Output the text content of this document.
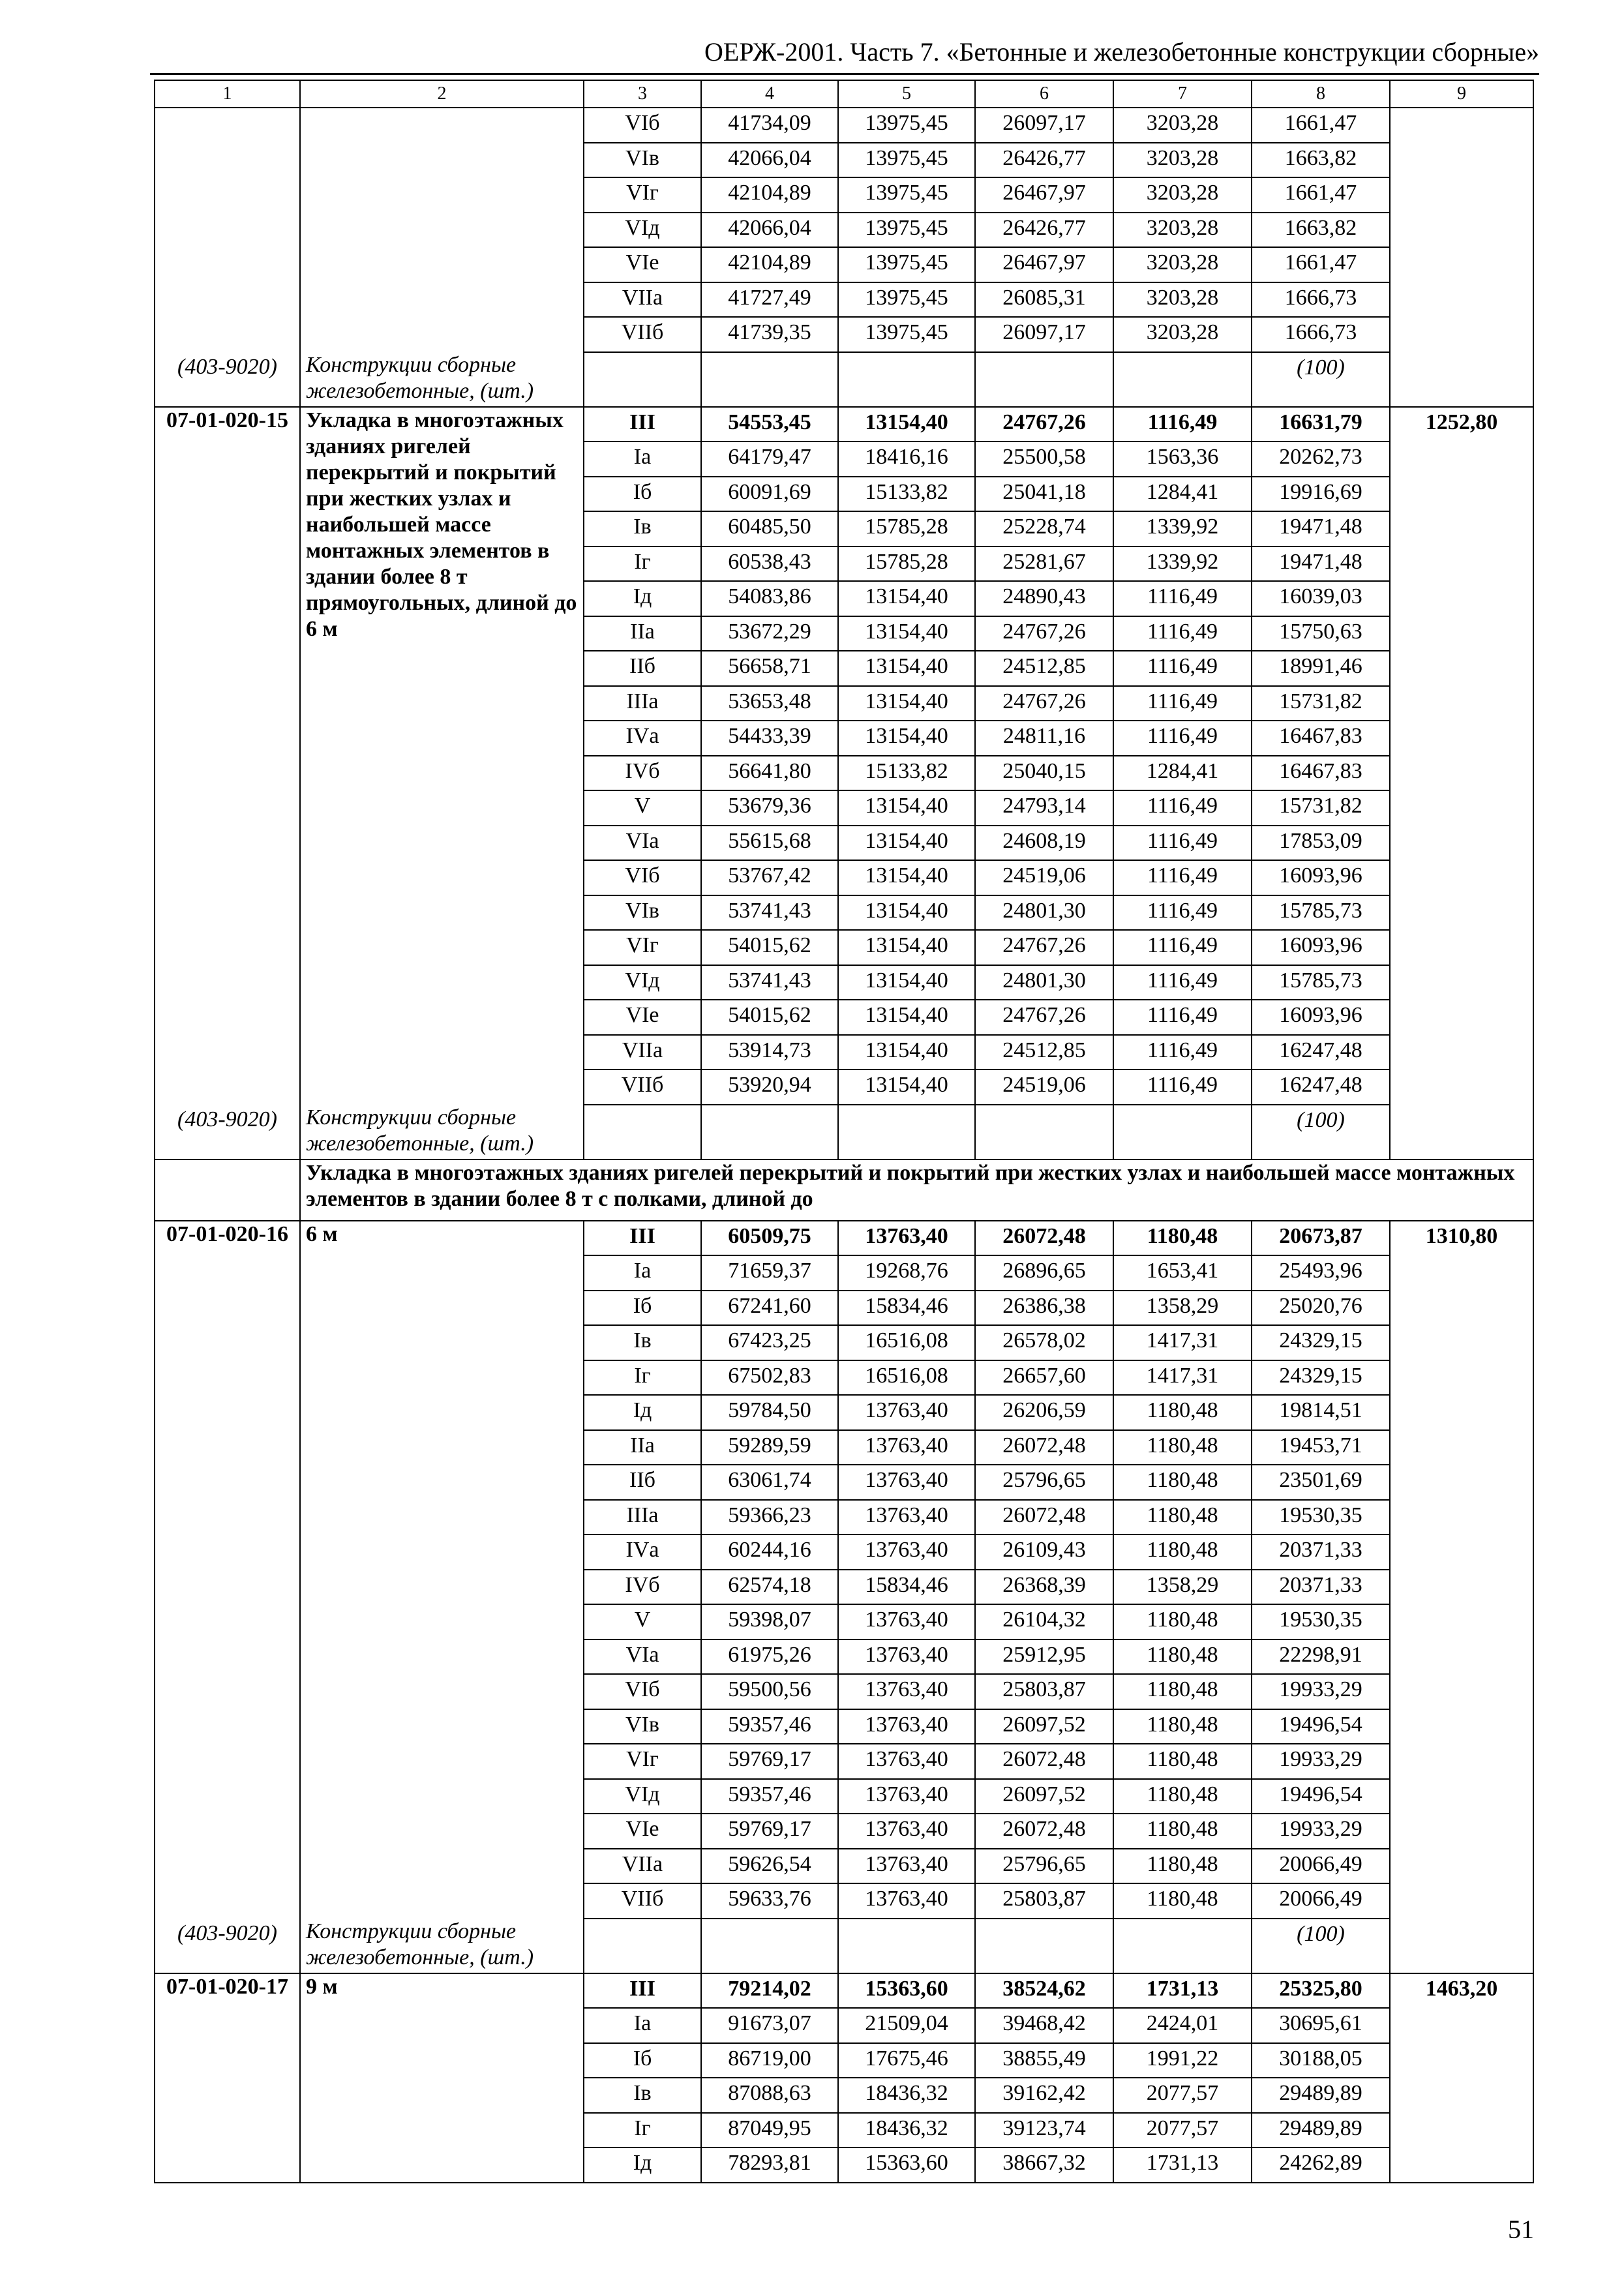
ОЕРЖ-2001. Часть 7. «Бетонные и железобетонные конструкции сборные»
1	2	3	4	5	6	7	8	9
		VIб	41734,09	13975,45	26097,17	3203,28	1661,47	
		VIв	42066,04	13975,45	26426,77	3203,28	1663,82	
		VIг	42104,89	13975,45	26467,97	3203,28	1661,47	
		VIд	42066,04	13975,45	26426,77	3203,28	1663,82	
		VIе	42104,89	13975,45	26467,97	3203,28	1661,47	
		VIIа	41727,49	13975,45	26085,31	3203,28	1666,73	
		VIIб	41739,35	13975,45	26097,17	3203,28	1666,73	
(403-9020)	Конструкции сборные железобетонные, (шт.)						(100)	
07-01-020-15	Укладка в многоэтажных зданиях ригелей перекрытий и покрытий при жестких узлах и наибольшей массе монтажных элементов в здании более 8 т прямоугольных, длиной до 6 м	III	54553,45	13154,40	24767,26	1116,49	16631,79	1252,80
		Iа	64179,47	18416,16	25500,58	1563,36	20262,73	
		Iб	60091,69	15133,82	25041,18	1284,41	19916,69	
		Iв	60485,50	15785,28	25228,74	1339,92	19471,48	
		Iг	60538,43	15785,28	25281,67	1339,92	19471,48	
		Iд	54083,86	13154,40	24890,43	1116,49	16039,03	
		IIа	53672,29	13154,40	24767,26	1116,49	15750,63	
		IIб	56658,71	13154,40	24512,85	1116,49	18991,46	
		IIIа	53653,48	13154,40	24767,26	1116,49	15731,82	
		IVа	54433,39	13154,40	24811,16	1116,49	16467,83	
		IVб	56641,80	15133,82	25040,15	1284,41	16467,83	
		V	53679,36	13154,40	24793,14	1116,49	15731,82	
		VIа	55615,68	13154,40	24608,19	1116,49	17853,09	
		VIб	53767,42	13154,40	24519,06	1116,49	16093,96	
		VIв	53741,43	13154,40	24801,30	1116,49	15785,73	
		VIг	54015,62	13154,40	24767,26	1116,49	16093,96	
		VIд	53741,43	13154,40	24801,30	1116,49	15785,73	
		VIе	54015,62	13154,40	24767,26	1116,49	16093,96	
		VIIа	53914,73	13154,40	24512,85	1116,49	16247,48	
		VIIб	53920,94	13154,40	24519,06	1116,49	16247,48	
(403-9020)	Конструкции сборные железобетонные, (шт.)						(100)	
	Укладка в многоэтажных зданиях ригелей перекрытий и покрытий при жестких узлах и наибольшей массе монтажных элементов в здании более 8 т с полками, длиной до							
07-01-020-16	6 м	III	60509,75	13763,40	26072,48	1180,48	20673,87	1310,80
		Iа	71659,37	19268,76	26896,65	1653,41	25493,96	
		Iб	67241,60	15834,46	26386,38	1358,29	25020,76	
		Iв	67423,25	16516,08	26578,02	1417,31	24329,15	
		Iг	67502,83	16516,08	26657,60	1417,31	24329,15	
		Iд	59784,50	13763,40	26206,59	1180,48	19814,51	
		IIа	59289,59	13763,40	26072,48	1180,48	19453,71	
		IIб	63061,74	13763,40	25796,65	1180,48	23501,69	
		IIIа	59366,23	13763,40	26072,48	1180,48	19530,35	
		IVа	60244,16	13763,40	26109,43	1180,48	20371,33	
		IVб	62574,18	15834,46	26368,39	1358,29	20371,33	
		V	59398,07	13763,40	26104,32	1180,48	19530,35	
		VIа	61975,26	13763,40	25912,95	1180,48	22298,91	
		VIб	59500,56	13763,40	25803,87	1180,48	19933,29	
		VIв	59357,46	13763,40	26097,52	1180,48	19496,54	
		VIг	59769,17	13763,40	26072,48	1180,48	19933,29	
		VIд	59357,46	13763,40	26097,52	1180,48	19496,54	
		VIе	59769,17	13763,40	26072,48	1180,48	19933,29	
		VIIа	59626,54	13763,40	25796,65	1180,48	20066,49	
		VIIб	59633,76	13763,40	25803,87	1180,48	20066,49	
(403-9020)	Конструкции сборные железобетонные, (шт.)						(100)	
07-01-020-17	9 м	III	79214,02	15363,60	38524,62	1731,13	25325,80	1463,20
		Iа	91673,07	21509,04	39468,42	2424,01	30695,61	
		Iб	86719,00	17675,46	38855,49	1991,22	30188,05	
		Iв	87088,63	18436,32	39162,42	2077,57	29489,89	
		Iг	87049,95	18436,32	39123,74	2077,57	29489,89	
		Iд	78293,81	15363,60	38667,32	1731,13	24262,89	
51
